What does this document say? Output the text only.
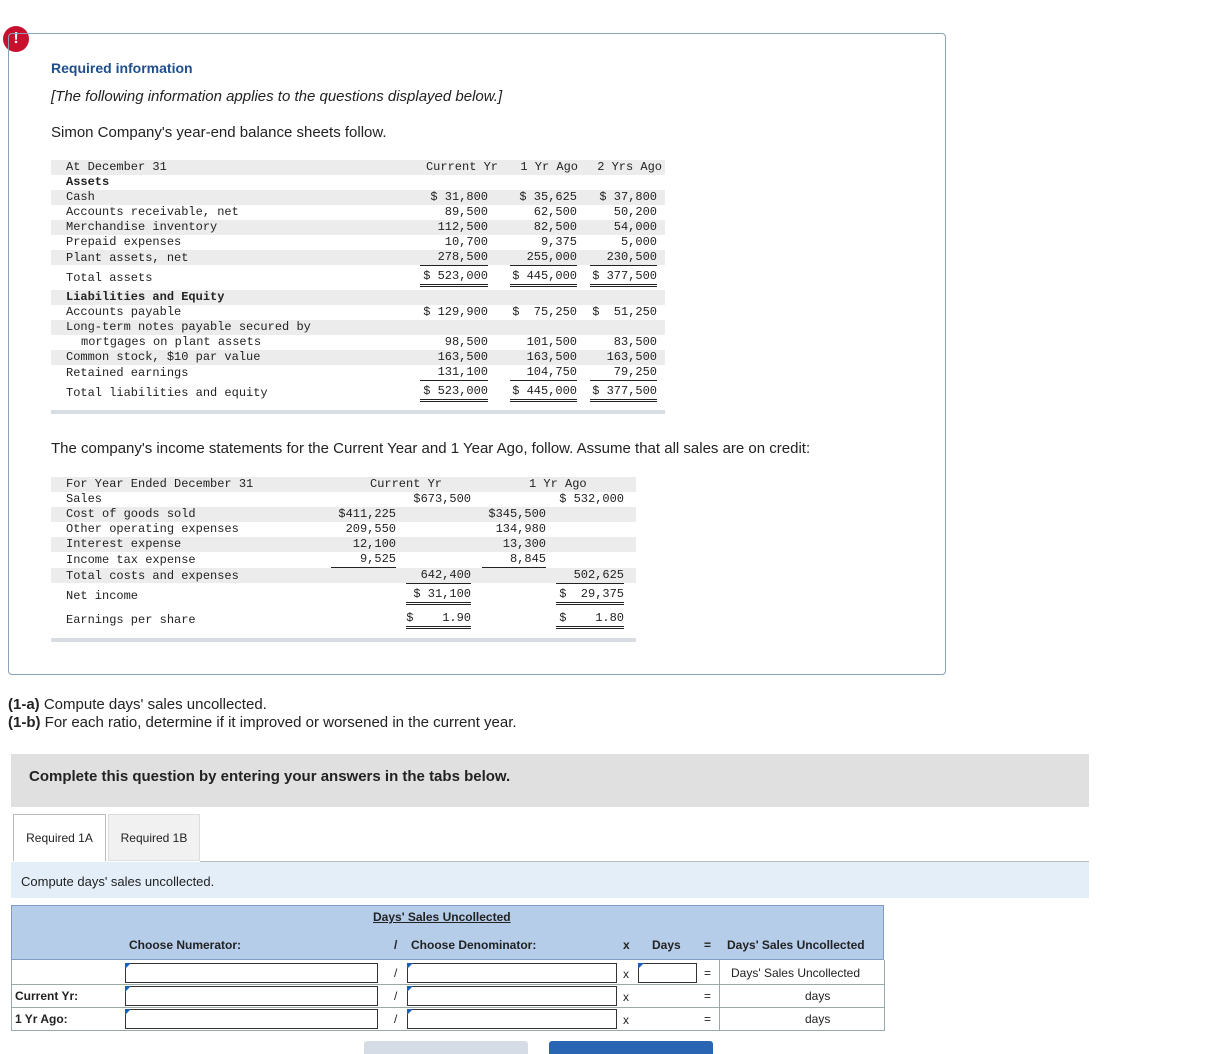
!
Required information
[The following information applies to the questions displayed below.]
Simon Company's year-end balance sheets follow.
The company's income statements for the Current Year and 1 Year Ago, follow. Assume that all sales are on credit:
At December 31	Current Yr	1 Yr Ago	2 Yrs Ago
Assets
Cash	$ 31,800	$ 35,625	$ 37,800
Accounts receivable, net	89,500	62,500	50,200
Merchandise inventory	112,500	82,500	54,000
Prepaid expenses	10,700	9,375	5,000
Plant assets, net	278,500	255,000	230,500
Total assets	$ 523,000 $ 445,000 $ 377,500
Liabilities and Equity
Accounts payable	$ 129,900	$  75,250	$  51,250
Long-term notes payable secured by
mortgages on plant assets	98,500	101,500	83,500
Common stock, $10 par value	163,500	163,500	163,500
Retained earnings	131,100	104,750	79,250
Total liabilities and equity	$ 523,000 $ 445,000 $ 377,500
For Year Ended December 31	Current Yr	1 Yr Ago
Sales	$673,500	$ 532,000
Cost of goods sold	$411,225	$345,500
Other operating expenses	209,550	134,980
Interest expense	12,100	13,300
Income tax expense	9,525	8,845
Total costs and expenses	642,400	502,625
Net income	$ 31,100	$  29,375
Earnings per share	$    1.90	$    1.80
(1-a) Compute days' sales uncollected.
(1-b) For each ratio, determine if it improved or worsened in the current year.
Complete this question by entering your answers in the tabs below.
Required 1A	Required 1B
Compute days' sales uncollected.
Days' Sales Uncollected
Choose Numerator:	/ Choose Denominator:	x Days = Days' Sales Uncollected
/	x	= Days' Sales Uncollected
Current Yr:	/	x	=	days
1 Yr Ago:	/	x	=	days
